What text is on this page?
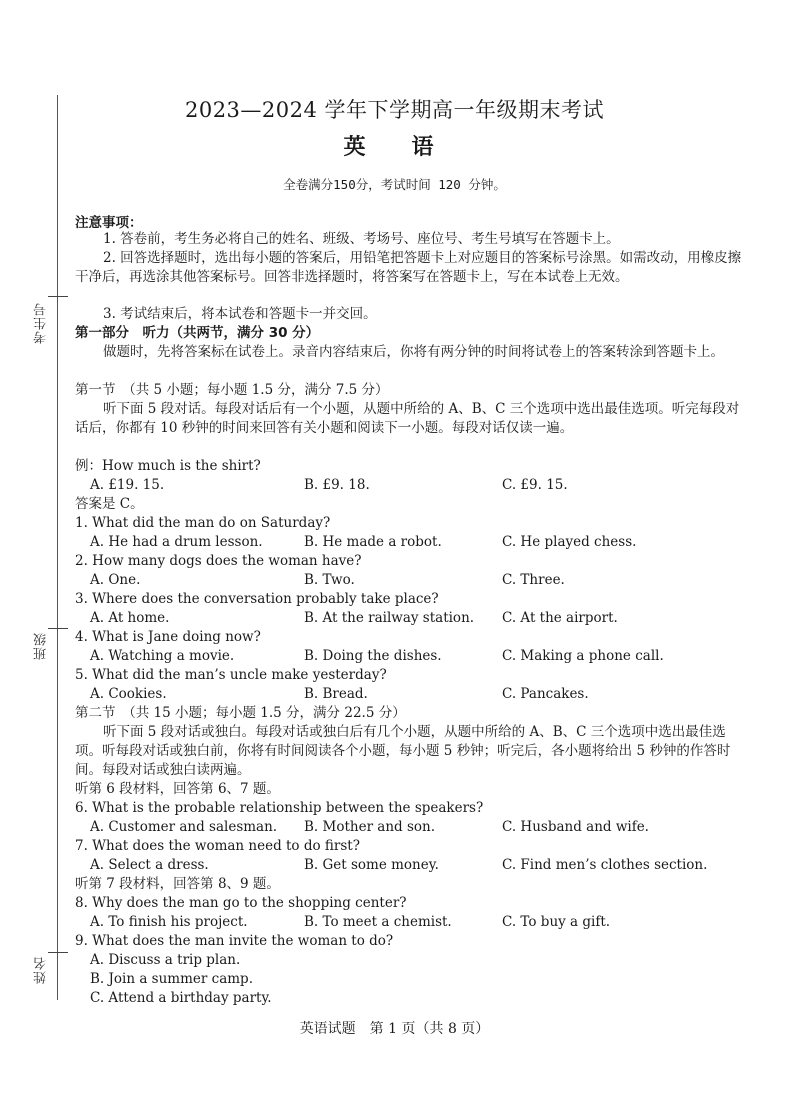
考生号
班级
姓名
2023—2024 学年下学期高一年级期末考试
英　语
全卷满分150分，考试时间 120 分钟。
注意事项：
1. 答卷前，考生务必将自己的姓名、班级、考场号、座位号、考生号填写在答题卡上。
2. 回答选择题时，选出每小题的答案后，用铅笔把答题卡上对应题目的答案标号涂黑。如需改动，用橡皮擦干净后，再选涂其他答案标号。回答非选择题时，将答案写在答题卡上，写在本试卷上无效。
3. 考试结束后，将本试卷和答题卡一并交回。
第一部分　听力（共两节，满分 30 分）
做题时，先将答案标在试卷上。录音内容结束后，你将有两分钟的时间将试卷上的答案转涂到答题卡上。
第一节　（共 5 小题；每小题 1.5 分，满分 7.5 分）
听下面 5 段对话。每段对话后有一个小题，从题中所给的 A、B、C 三个选项中选出最佳选项。听完每段对话后，你都有 10 秒钟的时间来回答有关小题和阅读下一小题。每段对话仅读一遍。
例：How much is the shirt?
A. £19. 15.	B. £9. 18.	C. £9. 15.
答案是 C。
1. What did the man do on Saturday?
A. He had a drum lesson.	B. He made a robot.	C. He played chess.
2. How many dogs does the woman have?
A. One.	B. Two.	C. Three.
3. Where does the conversation probably take place?
A. At home.	B. At the railway station. C. At the airport.
4. What is Jane doing now?
A. Watching a movie.	B. Doing the dishes.	C. Making a phone call.
5. What did the man’s uncle make yesterday?
A. Cookies.	B. Bread.	C. Pancakes.
第二节　（共 15 小题；每小题 1.5 分，满分 22.5 分）
听下面 5 段对话或独白。每段对话或独白后有几个小题，从题中所给的 A、B、C 三个选项中选出最佳选项。听每段对话或独白前，你将有时间阅读各个小题，每小题 5 秒钟；听完后，各小题将给出 5 秒钟的作答时间。每段对话或独白读两遍。
听第 6 段材料，回答第 6、7 题。
6. What is the probable relationship between the speakers?
A. Customer and salesman. B. Mother and son.	C. Husband and wife.
7. What does the woman need to do first?
A. Select a dress.	B. Get some money.	C. Find men’s clothes section.
听第 7 段材料，回答第 8、9 题。
8. Why does the man go to the shopping center?
A. To finish his project.	B. To meet a chemist.	C. To buy a gift.
9. What does the man invite the woman to do?
A. Discuss a trip plan.
B. Join a summer camp.
C. Attend a birthday party.
英语试题　第 1 页（共 8 页）
